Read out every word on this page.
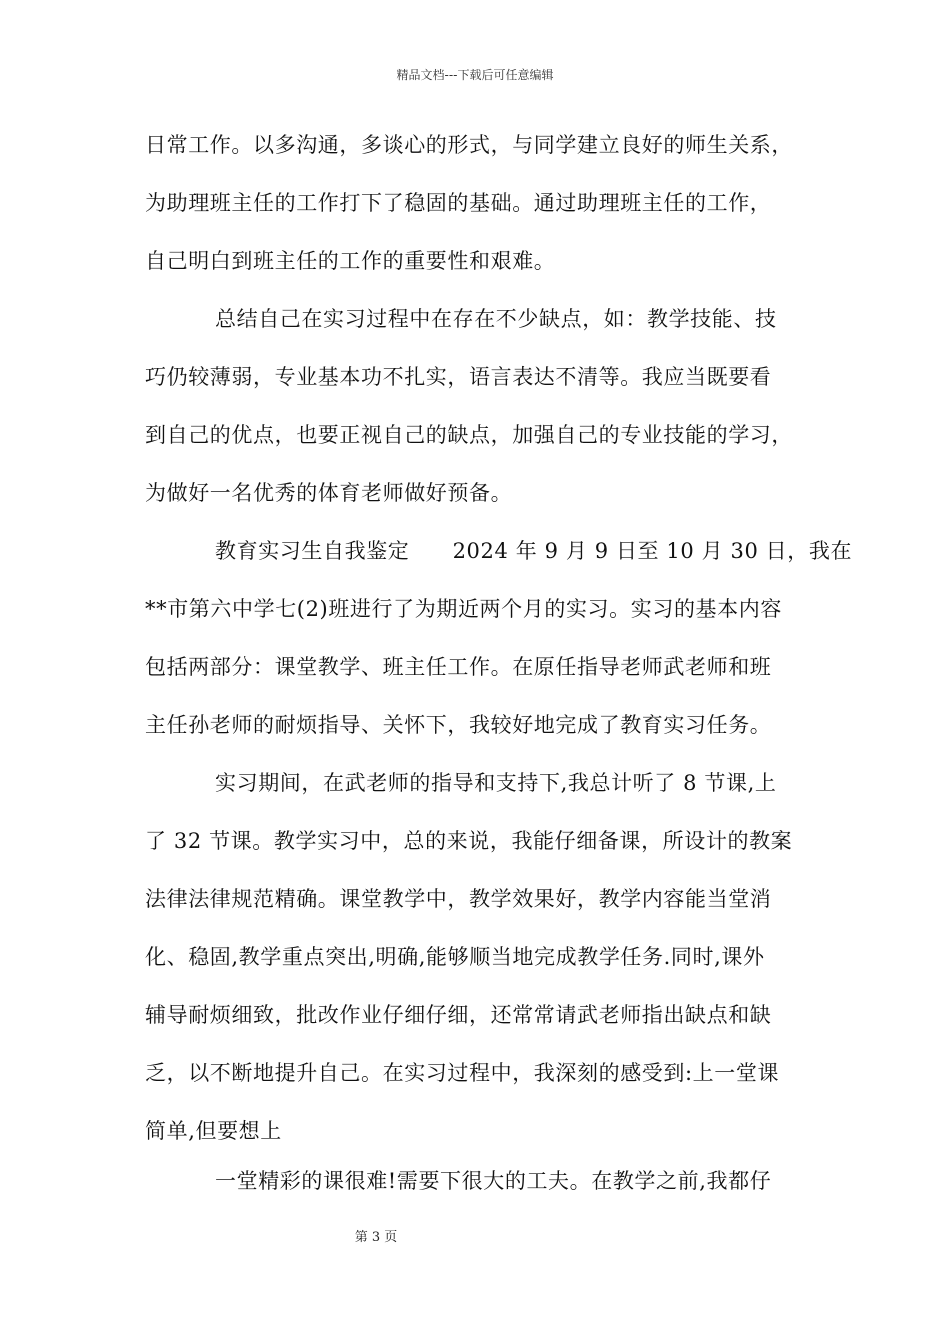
精品文档---下载后可任意编辑
日常工作。以多沟通，多谈心的形式，与同学建立良好的师生关系，
为助理班主任的工作打下了稳固的基础。通过助理班主任的工作，
自己明白到班主任的工作的重要性和艰难。
总结自己在实习过程中在存在不少缺点，如：教学技能、技
巧仍较薄弱，专业基本功不扎实，语言表达不清等。我应当既要看
到自己的优点，也要正视自己的缺点，加强自己的专业技能的学习，
为做好一名优秀的体育老师做好预备。
教育实习生自我鉴定　　2024 年 9 月 9 日至 10 月 30 日，我在
**市第六中学七(2)班进行了为期近两个月的实习。实习的基本内容
包括两部分：课堂教学、班主任工作。在原任指导老师武老师和班
主任孙老师的耐烦指导、关怀下，我较好地完成了教育实习任务。
实习期间，在武老师的指导和支持下,我总计听了 8 节课,上
了 32 节课。教学实习中，总的来说，我能仔细备课，所设计的教案
法律法律规范精确。课堂教学中，教学效果好，教学内容能当堂消
化、稳固,教学重点突出,明确,能够顺当地完成教学任务.同时,课外
辅导耐烦细致，批改作业仔细仔细，还常常请武老师指出缺点和缺
乏，以不断地提升自己。在实习过程中，我深刻的感受到:上一堂课
简单,但要想上
一堂精彩的课很难!需要下很大的工夫。在教学之前,我都仔
第 3 页
